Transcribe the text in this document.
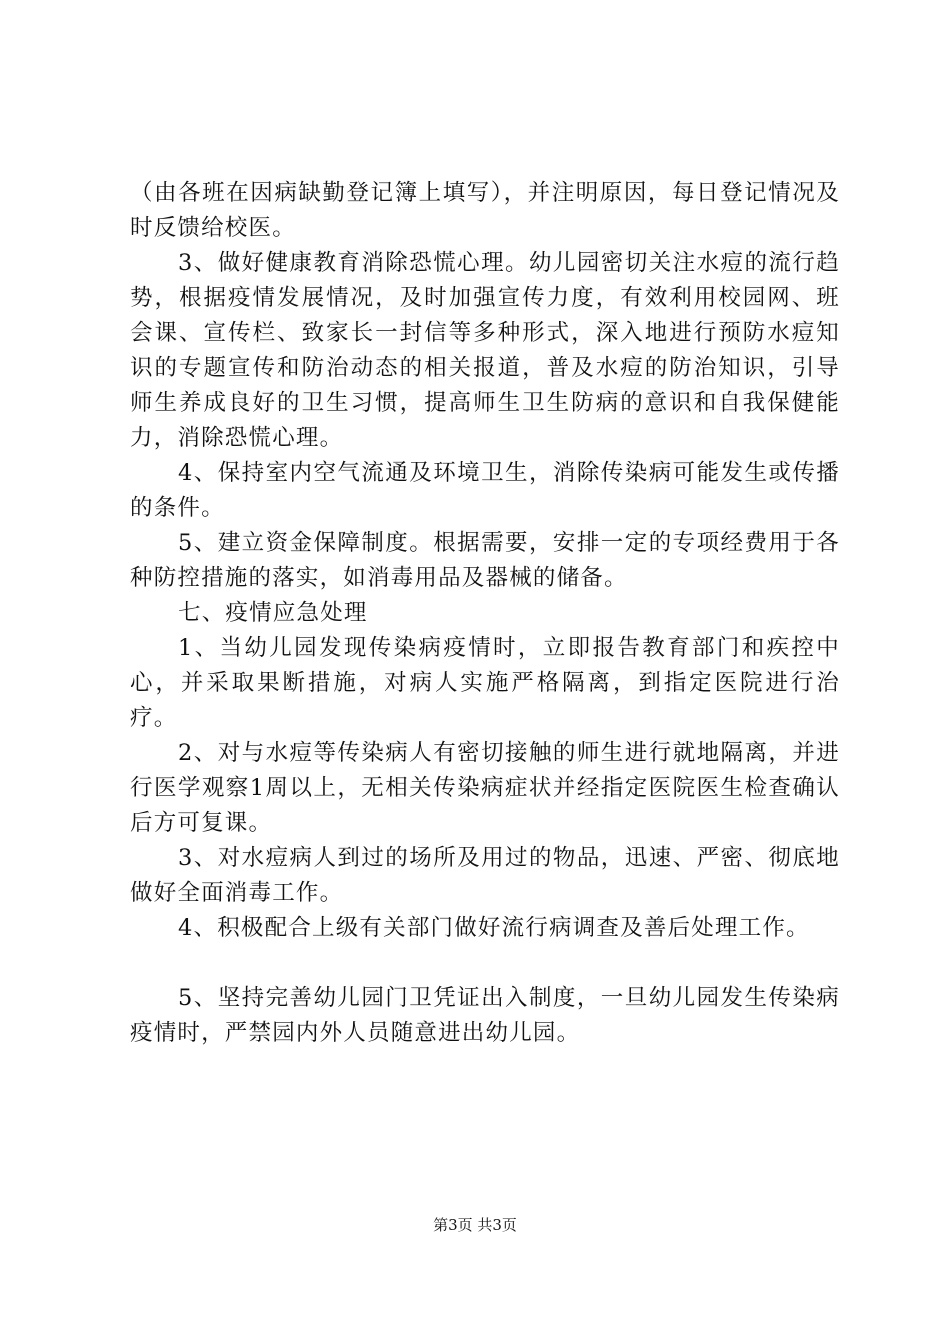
（由各班在因病缺勤登记簿上填写），并注明原因，每日登记情况及时反馈给校医。

3、做好健康教育消除恐慌心理。幼儿园密切关注水痘的流行趋势，根据疫情发展情况，及时加强宣传力度，有效利用校园网、班会课、宣传栏、致家长一封信等多种形式，深入地进行预防水痘知识的专题宣传和防治动态的相关报道，普及水痘的防治知识，引导师生养成良好的卫生习惯，提高师生卫生防病的意识和自我保健能力，消除恐慌心理。

4、保持室内空气流通及环境卫生，消除传染病可能发生或传播的条件。

5、建立资金保障制度。根据需要，安排一定的专项经费用于各种防控措施的落实，如消毒用品及器械的储备。

七、疫情应急处理

1、当幼儿园发现传染病疫情时，立即报告教育部门和疾控中心，并采取果断措施，对病人实施严格隔离，到指定医院进行治疗。

2、对与水痘等传染病人有密切接触的师生进行就地隔离，并进行医学观察1周以上，无相关传染病症状并经指定医院医生检查确认后方可复课。

3、对水痘病人到过的场所及用过的物品，迅速、严密、彻底地做好全面消毒工作。

4、积极配合上级有关部门做好流行病调查及善后处理工作。

5、坚持完善幼儿园门卫凭证出入制度，一旦幼儿园发生传染病疫情时，严禁园内外人员随意进出幼儿园。

第3页 共3页
